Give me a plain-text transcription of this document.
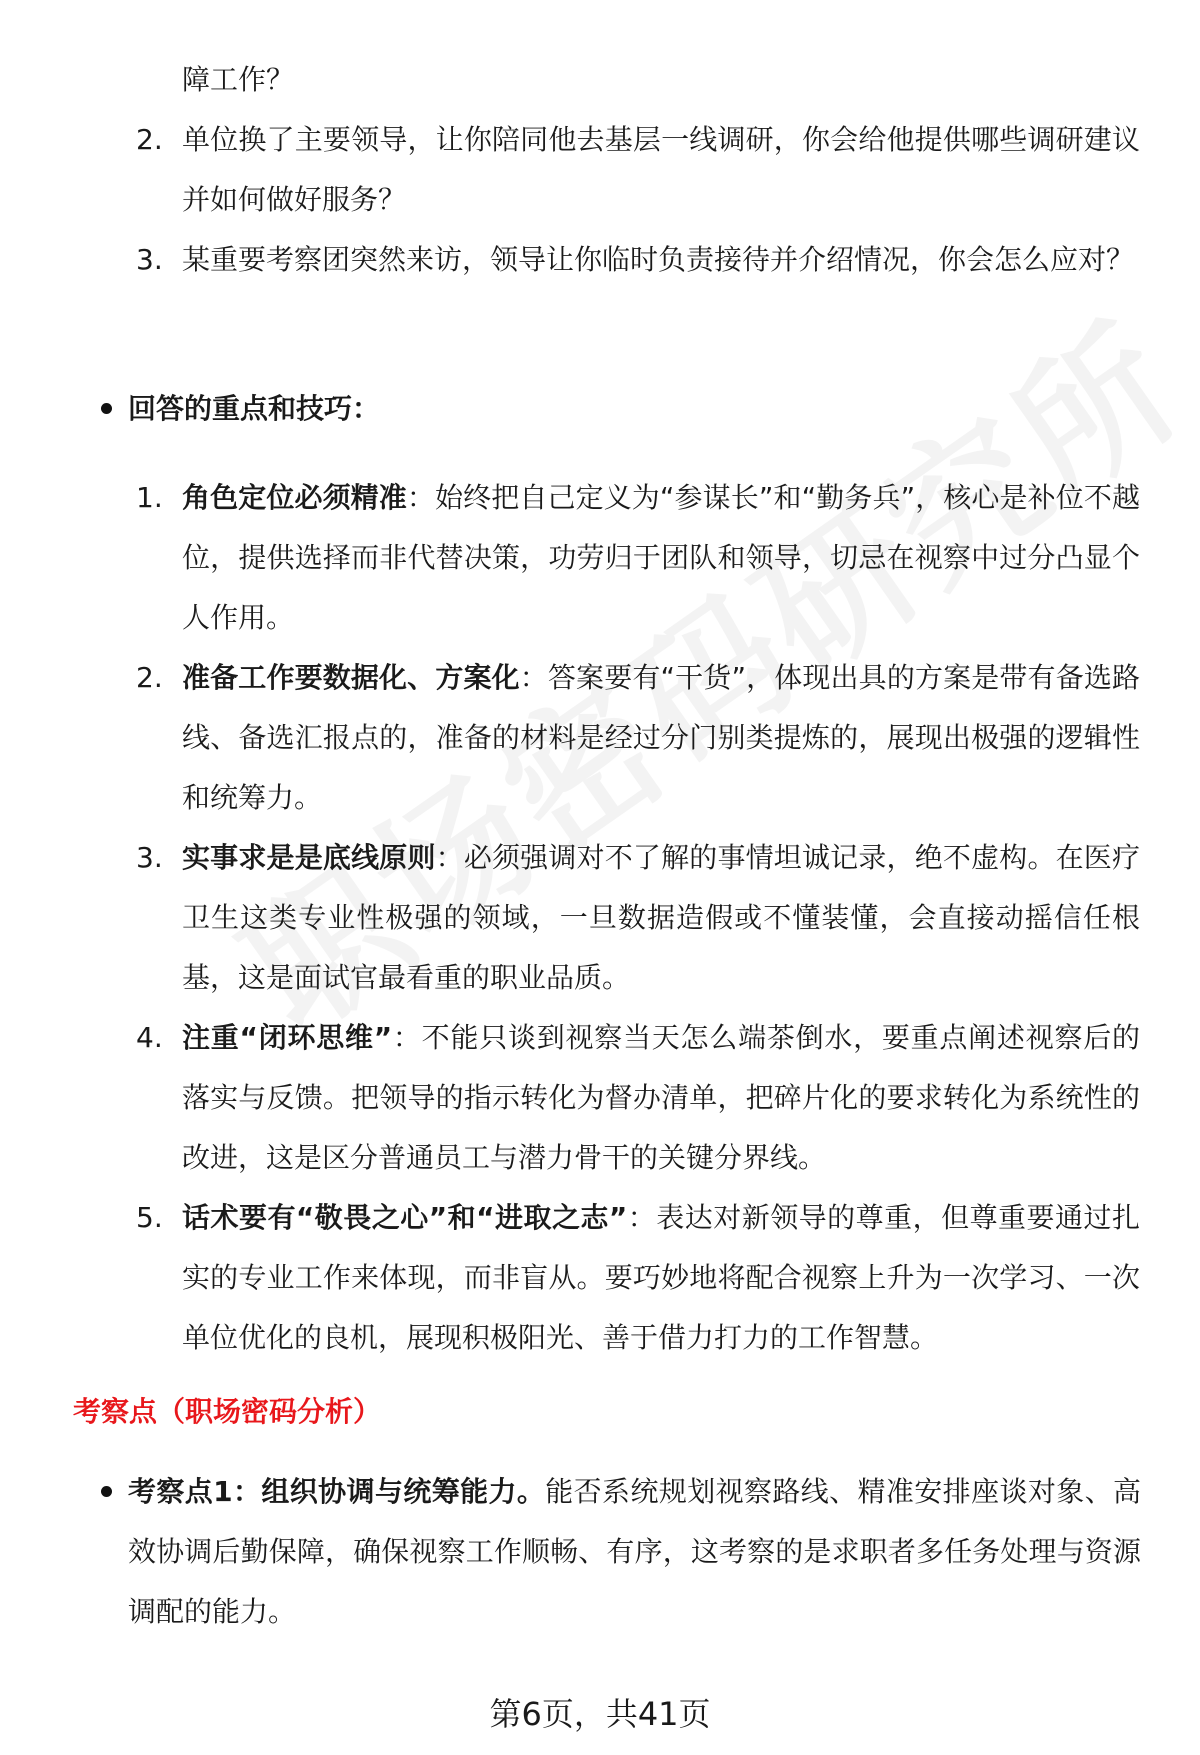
障工作？
2. 单位换了主要领导，让你陪同他去基层一线调研，你会给他提供哪些调研建议并如何做好服务？
3. 某重要考察团突然来访，领导让你临时负责接待并介绍情况，你会怎么应对？
回答的重点和技巧：
1. 角色定位必须精准：始终把自己定义为“参谋长”和“勤务兵”，核心是补位不越位，提供选择而非代替决策，功劳归于团队和领导，切忌在视察中过分凸显个人作用。
2. 准备工作要数据化、方案化：答案要有“干货”，体现出具的方案是带有备选路线、备选汇报点的，准备的材料是经过分门别类提炼的，展现出极强的逻辑性和统筹力。
3. 实事求是是底线原则：必须强调对不了解的事情坦诚记录，绝不虚构。在医疗卫生这类专业性极强的领域，一旦数据造假或不懂装懂，会直接动摇信任根基，这是面试官最看重的职业品质。
4. 注重“闭环思维”：不能只谈到视察当天怎么端茶倒水，要重点阐述视察后的落实与反馈。把领导的指示转化为督办清单，把碎片化的要求转化为系统性的改进，这是区分普通员工与潜力骨干的关键分界线。
5. 话术要有“敬畏之心”和“进取之志”：表达对新领导的尊重，但尊重要通过扎实的专业工作来体现，而非盲从。要巧妙地将配合视察上升为一次学习、一次单位优化的良机，展现积极阳光、善于借力打力的工作智慧。
考察点（职场密码分析）
考察点1：组织协调与统筹能力。能否系统规划视察路线、精准安排座谈对象、高效协调后勤保障，确保视察工作顺畅、有序，这考察的是求职者多任务处理与资源调配的能力。
第6页，共41页
